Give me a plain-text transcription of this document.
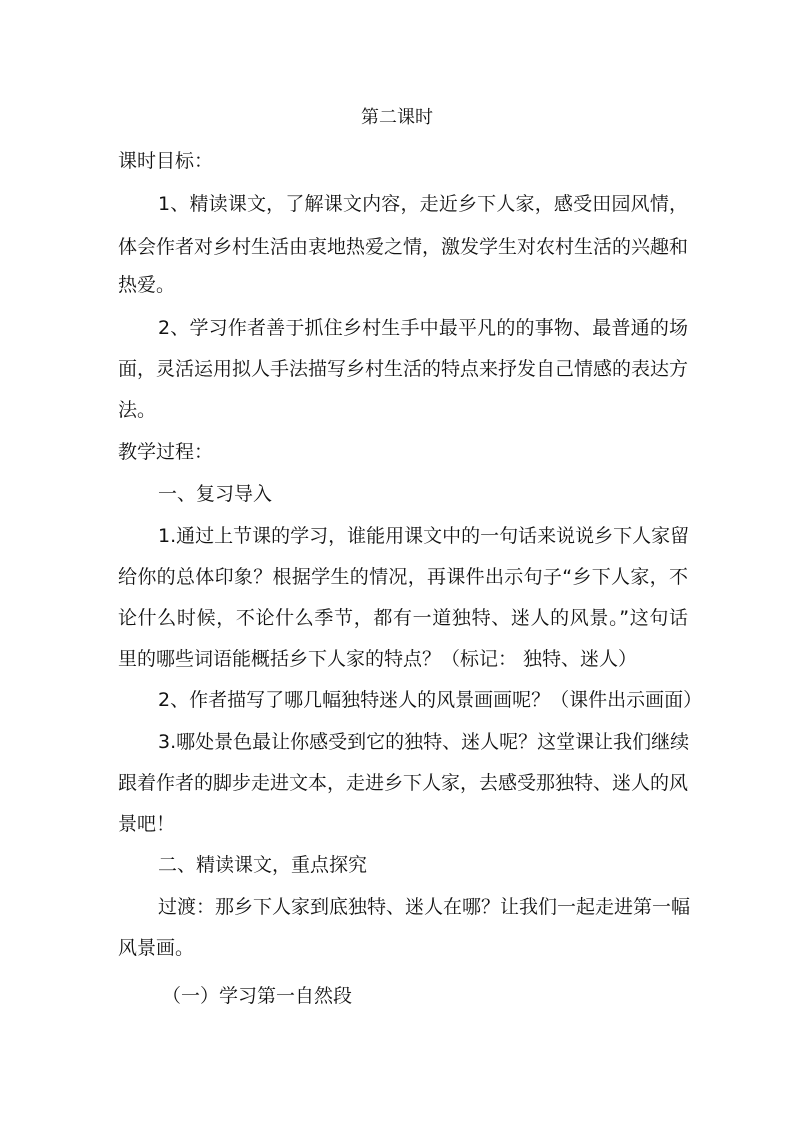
第二课时
课时目标：
1、精读课文，了解课文内容，走近乡下人家，感受田园风情，
体会作者对乡村生活由衷地热爱之情，激发学生对农村生活的兴趣和
热爱。
2、学习作者善于抓住乡村生手中最平凡的的事物、最普通的场
面，灵活运用拟人手法描写乡村生活的特点来抒发自己情感的表达方
法。
教学过程：
一、复习导入
1.通过上节课的学习，谁能用课文中的一句话来说说乡下人家留
给你的总体印象？根据学生的情况，再课件出示句子“乡下人家，不
论什么时候，不论什么季节，都有一道独特、迷人的风景。”这句话
里的哪些词语能概括乡下人家的特点？（标记： 独特、迷人）
2、作者描写了哪几幅独特迷人的风景画画呢？（课件出示画面）
3.哪处景色最让你感受到它的独特、迷人呢？这堂课让我们继续
跟着作者的脚步走进文本，走进乡下人家，去感受那独特、迷人的风
景吧！
二、精读课文，重点探究
过渡：那乡下人家到底独特、迷人在哪？让我们一起走进第一幅
风景画。
（一）学习第一自然段
